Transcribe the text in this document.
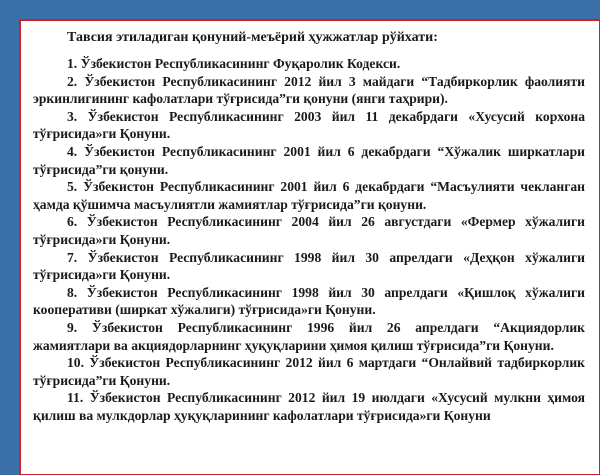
Тавсия этиладиган қонуний-меъёрий ҳужжатлар рўйхати:
1. Ўзбекистон Республикасининг Фуқаролик Кодекси.
2. Ўзбекистон Республикасининг 2012 йил 3 майдаги “Тадбиркорлик фаолияти эркинлигининг кафолатлари тўғрисида”ги қонуни (янги таҳрири).
3. Ўзбекистон Республикасининг 2003 йил 11 декабрдаги «Хусусий корхона тўғрисида»ги Қонуни.
4. Ўзбекистон Республикасининг 2001 йил 6 декабрдаги “Хўжалик ширкатлари тўғрисида”ги қонуни.
5. Ўзбекистон Республикасининг 2001 йил 6 декабрдаги “Масъулияти чекланган ҳамда қўшимча масъулиятли жамиятлар тўғрисида”ги қонуни.
6. Ўзбекистон Республикасининг 2004 йил 26 августдаги «Фермер хўжалиги тўғрисида»ги Қонуни.
7. Ўзбекистон Республикасининг 1998 йил 30 апрелдаги «Деҳқон хўжалиги тўғрисида»ги Қонуни.
8. Ўзбекистон Республикасининг 1998 йил 30 апрелдаги «Қишлоқ хўжалиги кооперативи (ширкат хўжалиги) тўғрисида»ги Қонуни.
9. Ўзбекистон Республикасининг 1996 йил 26 апрелдаги “Акциядорлик жамиятлари ва акциядорларнинг ҳуқуқларини ҳимоя қилиш тўғрисида”ги Қонуни.
10. Ўзбекистон Республикасининг 2012 йил 6 мартдаги “Онлайвий тадбиркорлик тўғрисида”ги Қонуни.
11. Ўзбекистон Республикасининг 2012 йил 19 июлдаги «Хусусий мулкни ҳимоя қилиш ва мулкдорлар ҳуқуқларининг кафолатлари тўғрисида»ги Қонуни
